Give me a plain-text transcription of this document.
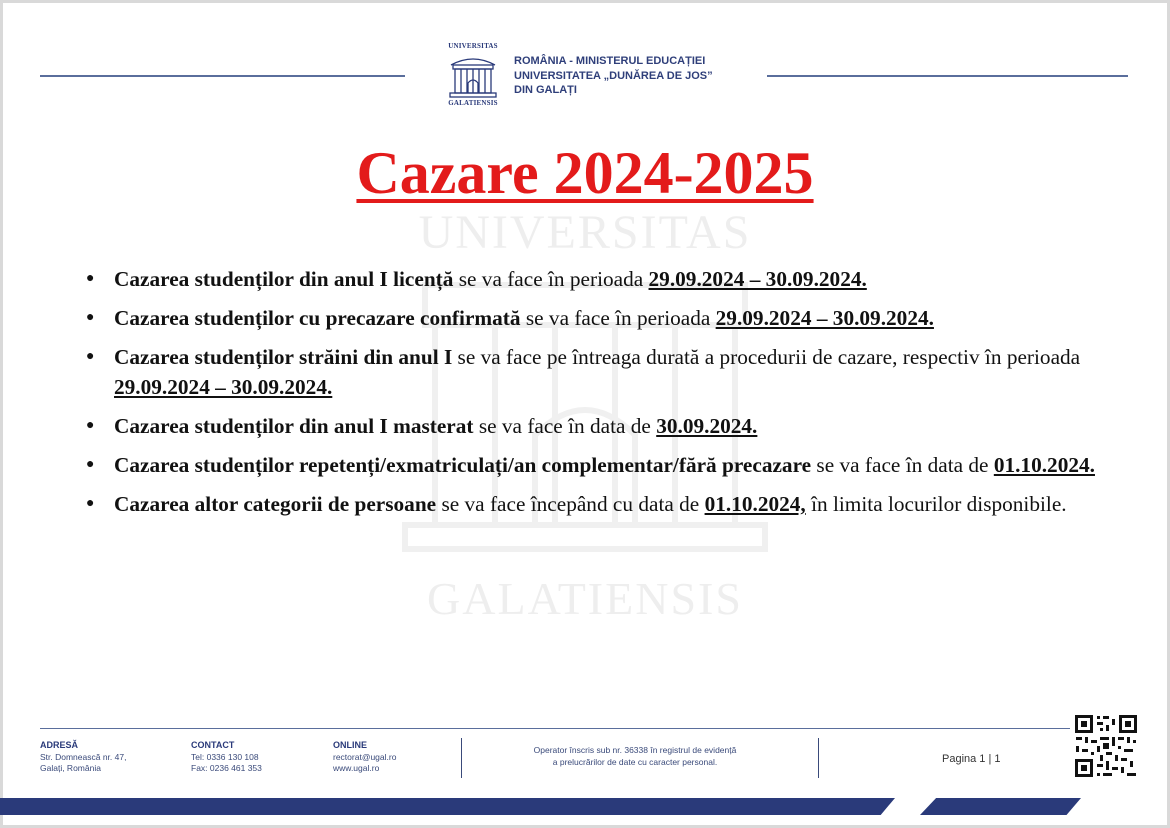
UNIVERSITAS
GALATIENSIS
ROMÂNIA - MINISTERUL EDUCAȚIEI
UNIVERSITATEA „DUNĂREA DE JOS”
DIN GALAȚI
UNIVERSITAS
GALATIENSIS
Cazare 2024-2025
● Cazarea studenților din anul I licență se va face în perioada 29.09.2024 – 30.09.2024.
● Cazarea studenților cu precazare confirmată se va face în perioada 29.09.2024 – 30.09.2024.
● Cazarea studenților străini din anul I se va face pe întreaga durată a procedurii de cazare, respectiv în perioada 29.09.2024 – 30.09.2024.
● Cazarea studenților din anul I masterat se va face în data de 30.09.2024.
● Cazarea studenților repetenți/exmatriculați/an complementar/fără precazare se va face în data de 01.10.2024.
● Cazarea altor categorii de persoane se va face începând cu data de 01.10.2024, în limita locurilor disponibile.
ADRESĂ
Str. Domnească nr. 47,
Galați, România
CONTACT
Tel: 0336 130 108
Fax: 0236 461 353
ONLINE
rectorat@ugal.ro
www.ugal.ro
Operator înscris sub nr. 36338 în registrul de evidență
a prelucrărilor de date cu caracter personal.	Pagina 1 | 1
